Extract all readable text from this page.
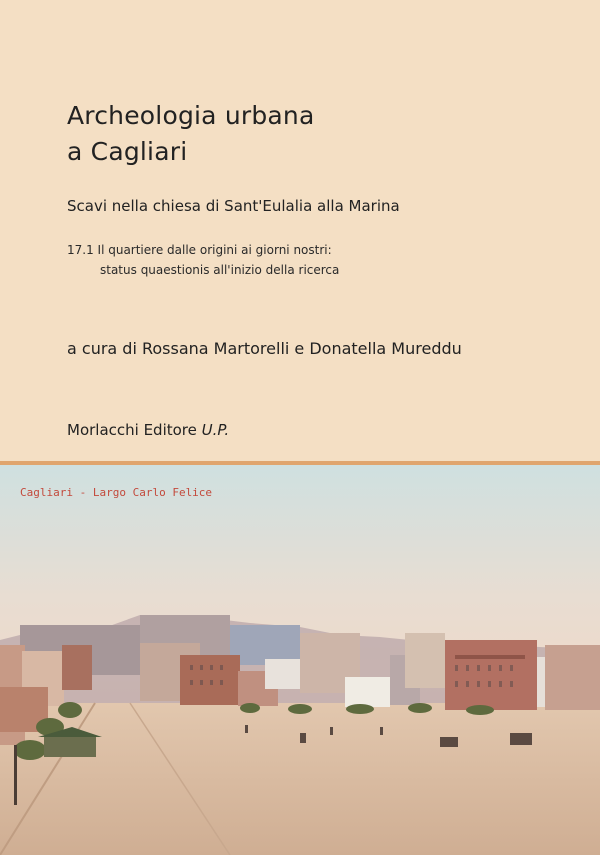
Archeologia urbana
a Cagliari
Scavi nella chiesa di Sant'Eulalia alla Marina
17.1 Il quartiere dalle origini ai giorni nostri:
status quaestionis all'inizio della ricerca
a cura di Rossana Martorelli e Donatella Mureddu
Morlacchi Editore U.P.
Cagliari - Largo Carlo Felice
